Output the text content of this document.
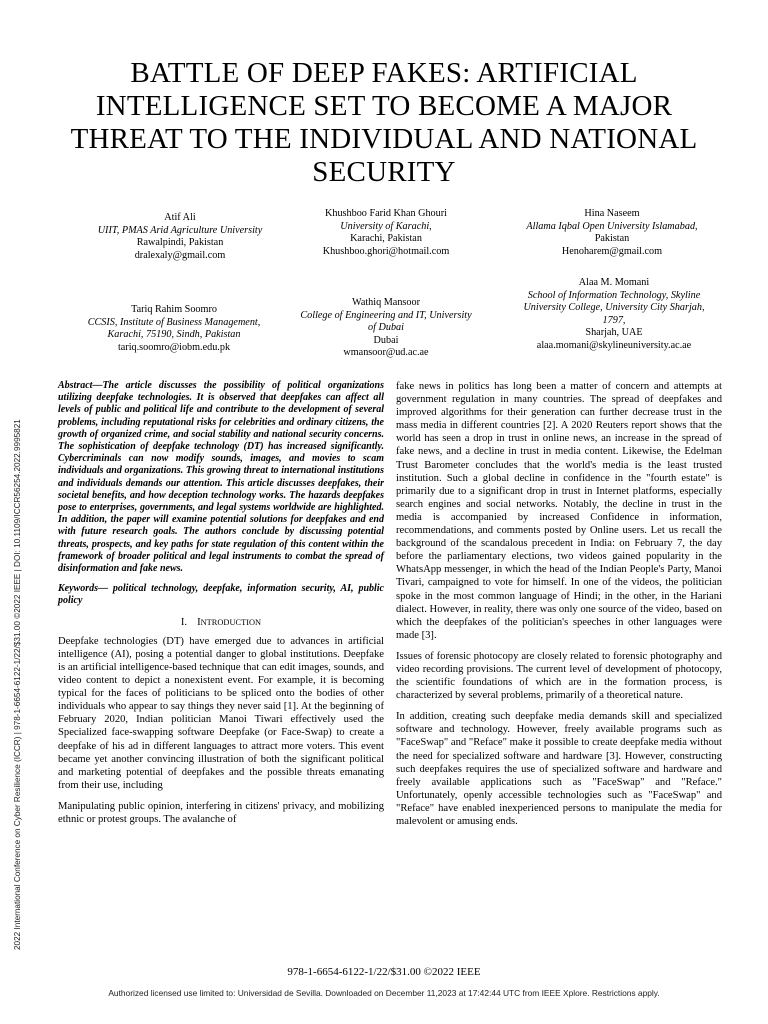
BATTLE OF DEEP FAKES: ARTIFICIAL INTELLIGENCE SET TO BECOME A MAJOR THREAT TO THE INDIVIDUAL AND NATIONAL SECURITY
Atif Ali
UIIT, PMAS Arid Agriculture University
Rawalpindi, Pakistan
dralexaly@gmail.com
Khushboo Farid Khan Ghouri
University of Karachi,
Karachi, Pakistan
Khushboo.ghori@hotmail.com
Hina Naseem
Allama Iqbal Open University Islamabad, Pakistan
Henoharem@gmail.com
Tariq Rahim Soomro
CCSIS, Institute of Business Management, Karachi, 75190, Sindh, Pakistan
tariq.soomro@iobm.edu.pk
Wathiq Mansoor
College of Engineering and IT, University of Dubai
Dubai
wmansoor@ud.ac.ae
Alaa M. Momani
School of Information Technology, Skyline University College, University City Sharjah, 1797,
Sharjah, UAE
alaa.momani@skylineuniversity.ac.ae
2022 International Conference on Cyber Resilience (ICCR) | 978-1-6654-6122-1/22/$31.00 ©2022 IEEE | DOI: 10.1109/ICCR56254.2022.9995821

Abstract—The article discusses the possibility of political organizations utilizing deepfake technologies. It is observed that deepfakes can affect all levels of public and political life and contribute to the development of several problems, including reputational risks for celebrities and ordinary citizens, the growth of organized crime, and social stability and national security concerns. The sophistication of deepfake technology (DT) has increased significantly. Cybercriminals can now modify sounds, images, and movies to scam individuals and organizations. This growing threat to international institutions and individuals demands our attention. This article discusses deepfakes, their societal benefits, and how deception technology works. The hazards deepfakes pose to enterprises, governments, and legal systems worldwide are highlighted. In addition, the paper will examine potential solutions for deepfakes and end with future research goals. The authors conclude by discussing potential threats, prospects, and key paths for state regulation of this content within the framework of broader political and legal instruments to combat the spread of disinformation and fake news.

Keywords— political technology, deepfake, information security, AI, public policy

I. INTRODUCTION

Deepfake technologies (DT) have emerged due to advances in artificial intelligence (AI), posing a potential danger to global institutions. Deepfake is an artificial intelligence-based technique that can edit images, sounds, and video content to depict a nonexistent event. For example, it is becoming typical for the faces of politicians to be spliced onto the bodies of other individuals who appear to say things they never said [1]. At the beginning of February 2020, Indian politician Manoi Tiwari effectively used the Specialized face-swapping software Deepfake (or Face-Swap) to create a deepfake of his ad in different languages to attract more voters. This event became yet another convincing illustration of both the significant political and marketing potential of deepfakes and the possible threats emanating from their use, including

Manipulating public opinion, interfering in citizens' privacy, and mobilizing ethnic or protest groups. The avalanche of

fake news in politics has long been a matter of concern and attempts at government regulation in many countries. The spread of deepfakes and improved algorithms for their generation can further decrease trust in the mass media in different countries [2]. A 2020 Reuters report shows that the world has seen a drop in trust in online news, an increase in the spread of fake news, and a decline in trust in media content. Likewise, the Edelman Trust Barometer concludes that the world's media is the least trusted institution. Such a global decline in confidence in the "fourth estate" is primarily due to a significant drop in trust in Internet platforms, especially search engines and social networks. Notably, the decline in trust in the media is accompanied by increased Confidence in information, recommendations, and comments posted by Online users. Let us recall the background of the scandalous precedent in India: on February 7, the day before the parliamentary elections, two videos gained popularity in the WhatsApp messenger, in which the head of the Indian People's Party, Manoi Tivari, campaigned to vote for himself. In one of the videos, the politician spoke in the most common language of Hindi; in the other, in the Hariani dialect. However, in reality, there was only one source of the video, based on which the deepfakes of the politician's speeches in other languages were made [3].

Issues of forensic photocopy are closely related to forensic photography and video recording provisions. The current level of development of photocopy, the scientific foundations of which are in the formation process, is characterized by several problems, primarily of a theoretical nature.

In addition, creating such deepfake media demands skill and specialized software and technology. However, freely available programs such as "FaceSwap" and "Reface" make it possible to create deepfake media without the need for specialized software and hardware [3]. However, constructing such deepfakes requires the use of specialized software and hardware and freely available applications such as "FaceSwap" and "Reface." Unfortunately, openly accessible technologies such as "FaceSwap" and "Reface" have enabled inexperienced persons to manipulate the media for malevolent or amusing ends.

978-1-6654-6122-1/22/$31.00 ©2022 IEEE
Authorized licensed use limited to: Universidad de Sevilla. Downloaded on December 11,2023 at 17:42:44 UTC from IEEE Xplore. Restrictions apply.
